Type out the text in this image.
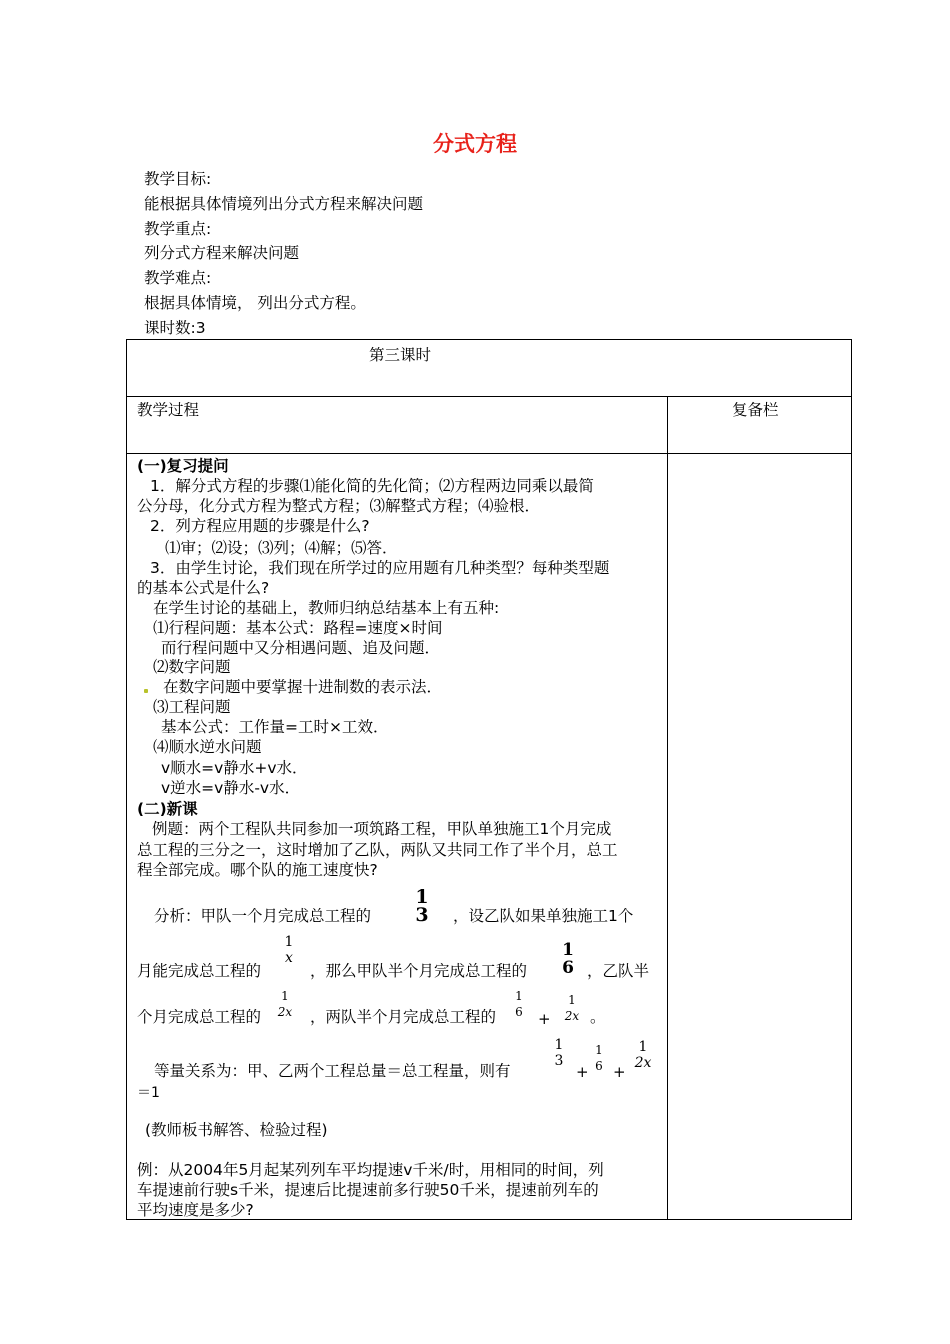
分式方程
教学目标:
能根据具体情境列出分式方程来解决问题
教学重点:
列分式方程来解决问题
教学难点:
根据具体情境， 列出分式方程。
课时数:3
第三课时
教学过程	复备栏
(一)复习提问
1．解分式方程的步骤⑴能化简的先化简；⑵方程两边同乘以最简
公分母，化分式方程为整式方程；⑶解整式方程；⑷验根．
2．列方程应用题的步骤是什么?
⑴审；⑵设；⑶列；⑷解；⑸答．
3．由学生讨论，我们现在所学过的应用题有几种类型？每种类型题
的基本公式是什么?
在学生讨论的基础上，教师归纳总结基本上有五种:
⑴行程问题：基本公式：路程=速度×时间
而行程问题中又分相遇问题、追及问题．
⑵数字问题
在数字问题中要掌握十进制数的表示法．
⑶工程问题
基本公式：工作量=工时×工效．
⑷顺水逆水问题
v顺水=v静水+v水．
v逆水=v静水-v水．
(二)新课
例题：两个工程队共同参加一项筑路工程，甲队单独施工1个月完成
总工程的三分之一，这时增加了乙队，两队又共同工作了半个月，总工
程全部完成。哪个队的施工速度快?
分析：甲队一个月完成总工程的
1
3 ，设乙队如果单独施工1个
1
x
月能完成总工程的	，那么甲队半个月完成总工程的
1
6 ，乙队半
个月完成总工程的
1
2x	，两队半个月完成总工程的
1
6 +
1
2x 。
等量关系为：甲、乙两个工程总量＝总工程量，则有
1
3
+
1
6 +
1
2x
＝1
(教师板书解答、检验过程)
例：从2004年5月起某列列车平均提速v千米/时，用相同的时间，列
车提速前行驶s千米，提速后比提速前多行驶50千米，提速前列车的
平均速度是多少?
